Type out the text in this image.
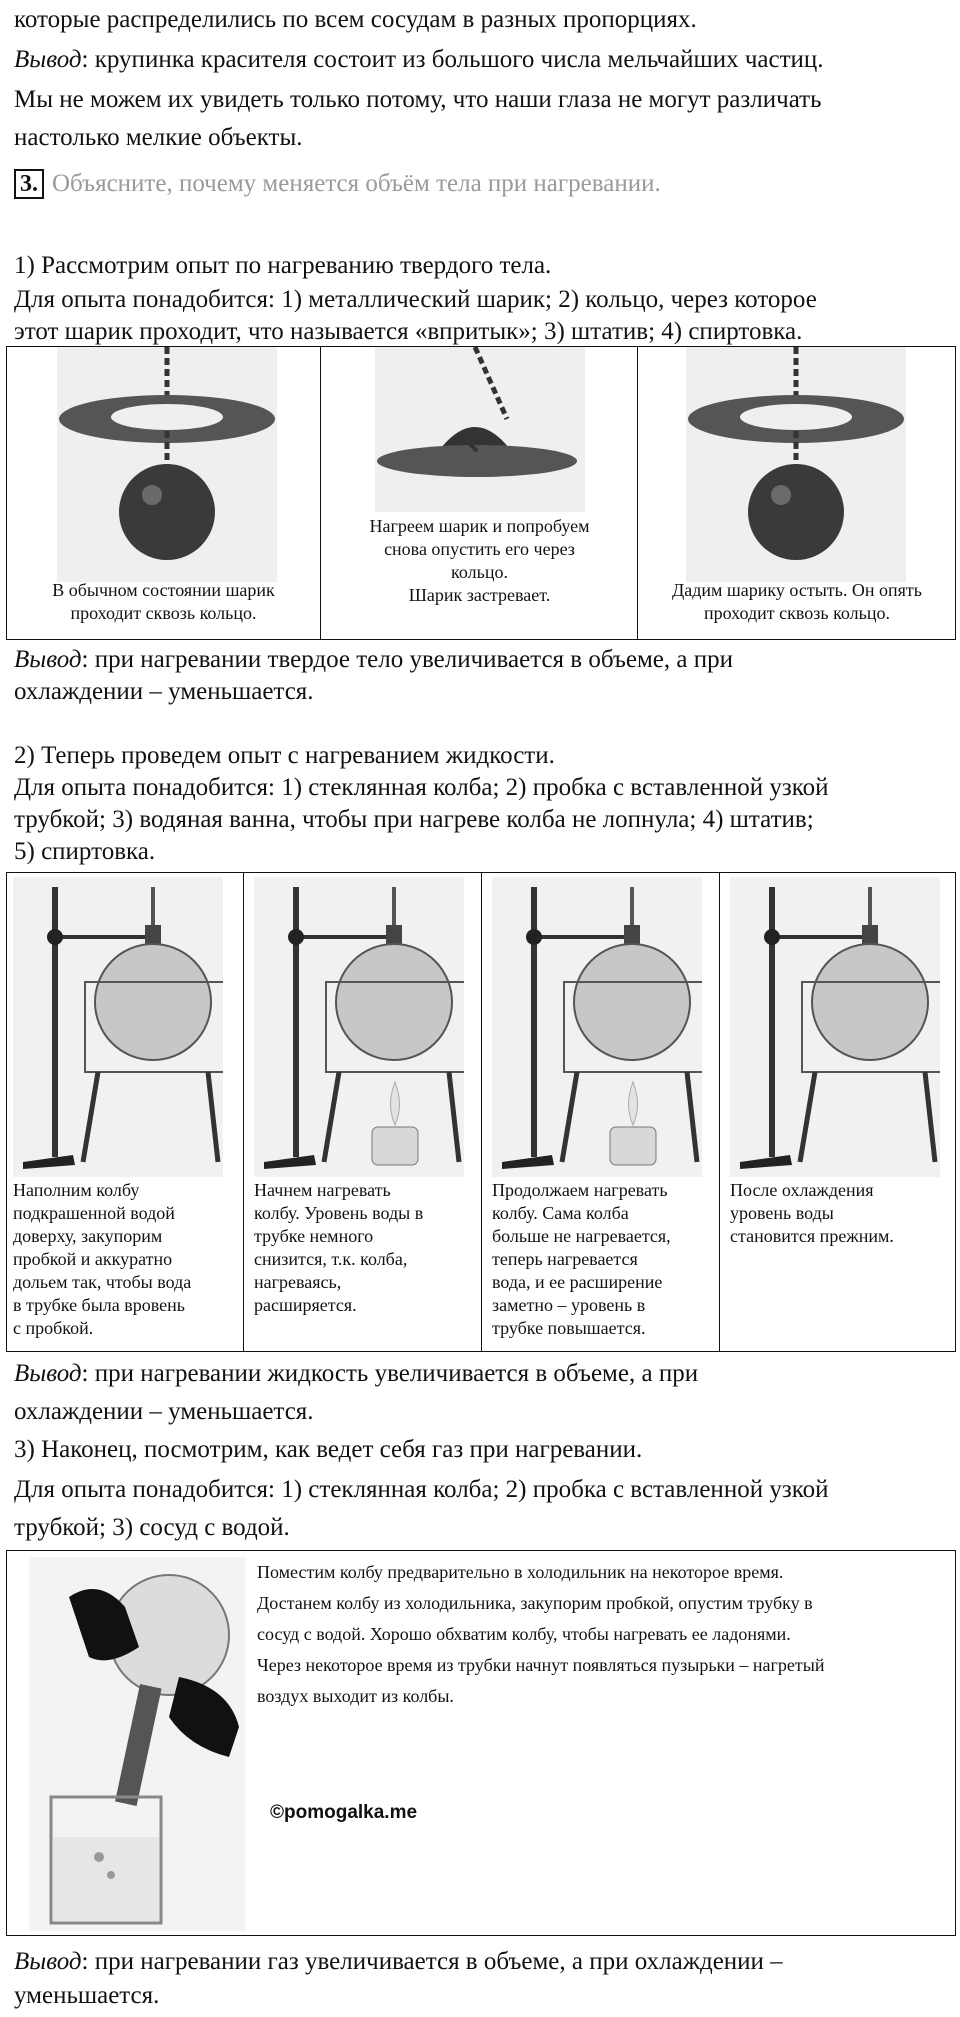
которые распределились по всем сосудам в разных пропорциях.
Вывод: крупинка красителя состоит из большого числа мельчайших частиц.
Мы не можем их увидеть только потому, что наши глаза не могут различать
настолько мелкие объекты.
3. Объясните, почему меняется объём тела при нагревании.
1) Рассмотрим опыт по нагреванию твердого тела.
Для опыта понадобится: 1) металлический шарик; 2) кольцо, через которое
этот шарик проходит, что называется «впритык»; 3) штатив; 4) спиртовка.
В обычном состоянии шарик
проходит сквозь кольцо.
Нагреем шарик и попробуем
снова опустить его через
кольцо.
Шарик застревает.	Дадим шарику остыть. Он опять
проходит сквозь кольцо.
Вывод: при нагревании твердое тело увеличивается в объеме, а при
охлаждении – уменьшается.
2) Теперь проведем опыт с нагреванием жидкости.
Для опыта понадобится: 1) стеклянная колба; 2) пробка с вставленной узкой
трубкой; 3) водяная ванна, чтобы при нагреве колба не лопнула; 4) штатив;
5) спиртовка.
Наполним колбу
подкрашенной водой
доверху, закупорим
пробкой и аккуратно
дольем так, чтобы вода
в трубке была вровень
с пробкой.
Начнем нагревать
колбу. Уровень воды в
трубке немного
снизится, т.к. колба,
нагреваясь,
расширяется.
Продолжаем нагревать
колбу. Сама колба
больше не нагревается,
теперь нагревается
вода, и ее расширение
заметно – уровень в
трубке повышается.
После охлаждения
уровень воды
становится прежним.
Вывод: при нагревании жидкость увеличивается в объеме, а при
охлаждении – уменьшается.
3) Наконец, посмотрим, как ведет себя газ при нагревании.
Для опыта понадобится: 1) стеклянная колба; 2) пробка с вставленной узкой
трубкой; 3) сосуд с водой.
Поместим колбу предварительно в холодильник на некоторое время.
Достанем колбу из холодильника, закупорим пробкой, опустим трубку в
сосуд с водой. Хорошо обхватим колбу, чтобы нагревать ее ладонями.
Через некоторое время из трубки начнут появляться пузырьки – нагретый
воздух выходит из колбы.
©pomogalka.me
Вывод: при нагревании газ увеличивается в объеме, а при охлаждении –
уменьшается.
